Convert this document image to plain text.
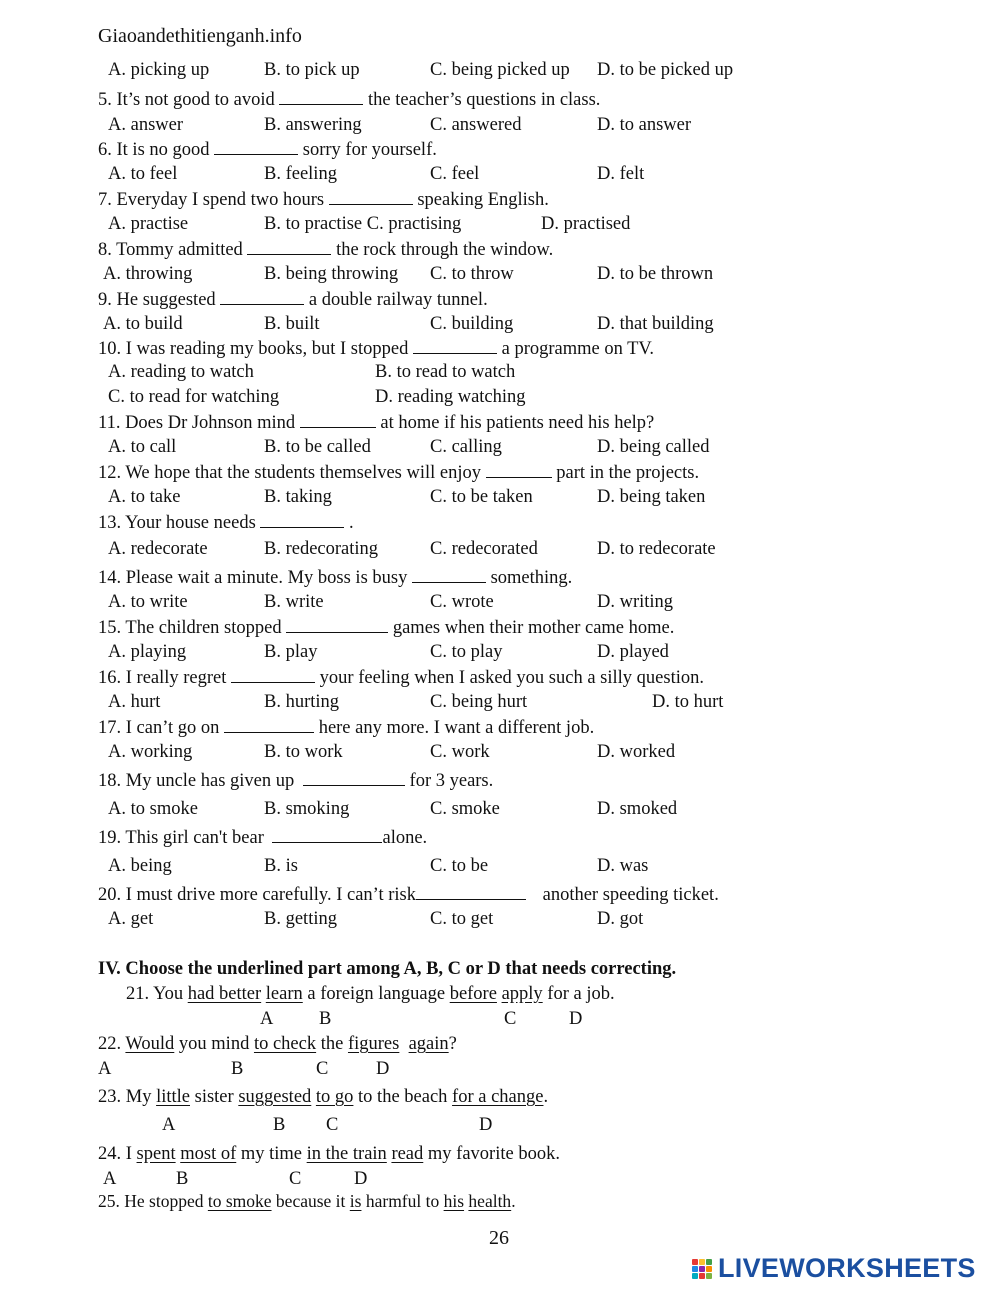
Giaoandethitienganh.info
A. picking up	B. to pick up	C. being picked up D. to be picked up
5. It’s not good to avoid	the teacher’s questions in class.
A. answer	B. answering	C. answered	D. to answer
6. It is no good	sorry for yourself.
A. to feel	B. feeling	C. feel	D. felt
7. Everyday I spend two hours	speaking English.
A. practise	B. to practise C. practising	D. practised
8. Tommy admitted	the rock through the window.
A. throwing	B. being throwing C. to throw	D. to be thrown
9. He suggested	a double railway tunnel.
A. to build	B. built	C. building	D. that building
10. I was reading my books, but I stopped	a programme on TV.
A. reading to watch	B. to read to watch
C. to read for watching	D. reading watching
11. Does Dr Johnson mind	at home if his patients need his help?
A. to call	B. to be called	C. calling	D. being called
12. We hope that the students themselves will enjoy	part in the projects.
A. to take	B. taking	C. to be taken	D. being taken
13. Your house needs	.
A. redecorate	B. redecorating	C. redecorated	D. to redecorate
14. Please wait a minute. My boss is busy	something.
A. to write	B. write	C. wrote	D. writing
15. The children stopped	games when their mother came home.
A. playing	B. play	C. to play	D. played
16. I really regret	your feeling when I asked you such a silly question.
A. hurt	B. hurting	C. being hurt	D. to hurt
17. I can’t go on	here any more. I want a different job.
A. working	B. to work	C. work	D. worked
18. My uncle has given up	for 3 years.
A. to smoke	B. smoking	C. smoke	D. smoked
19. This girl can't bear	alone.
A. being	B. is	C. to be	D. was
20. I must drive more carefully. I can’t risk	another speeding ticket.
A. get	B. getting	C. to get	D. got
IV. Choose the underlined part among A, B, C or D that needs correcting.
21. You had better learn a foreign language before apply for a job.
A B	C	D
22. Would you mind to check the figures again?
A	B	C	D
23. My little sister suggested to go to the beach for a change.
A	B C	D
24. I spent most of my time in the train read my favorite book.
A	B	C	D
25. He stopped to smoke because it is harmful to his health.
26
LIVEWORKSHEETS
